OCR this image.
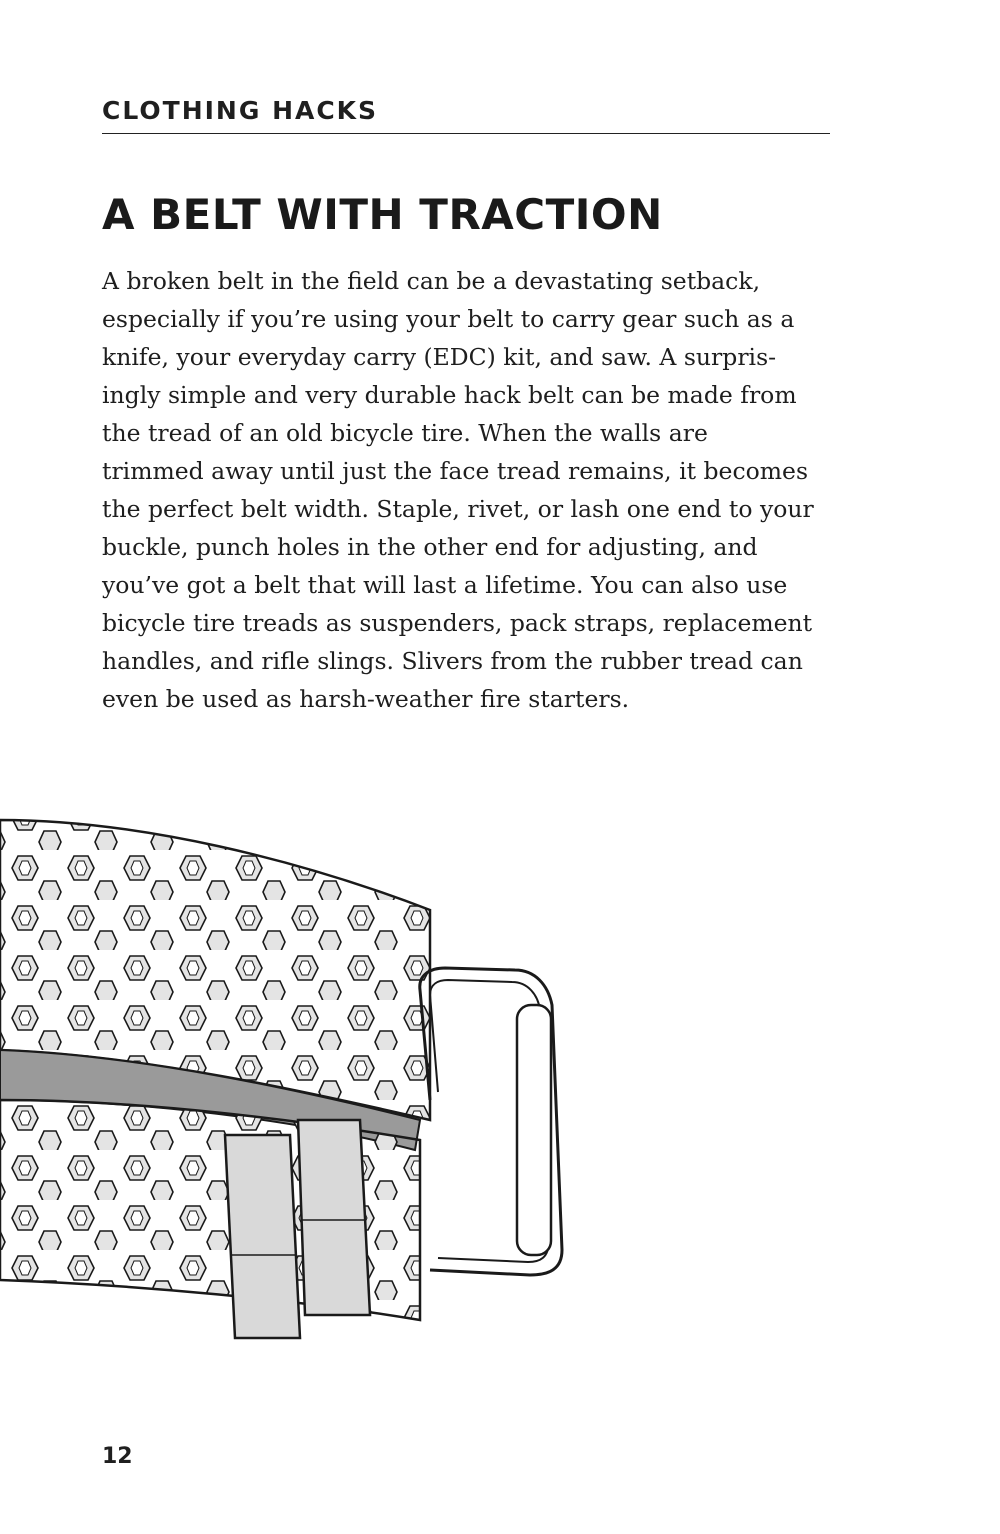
CLOTHING HACKS
A BELT WITH TRACTION
A broken belt in the field can be a devastating setback,
especially if you’re using your belt to carry gear such as a
knife, your everyday carry (EDC) kit, and saw. A surpris-
ingly simple and very durable hack belt can be made from
the tread of an old bicycle tire. When the walls are
trimmed away until just the face tread remains, it becomes
the perfect belt width. Staple, rivet, or lash one end to your
buckle, punch holes in the other end for adjusting, and
you’ve got a belt that will last a lifetime. You can also use
bicycle tire treads as suspenders, pack straps, replacement
handles, and rifle slings. Slivers from the rubber tread can
even be used as harsh-weather fire starters.
12
